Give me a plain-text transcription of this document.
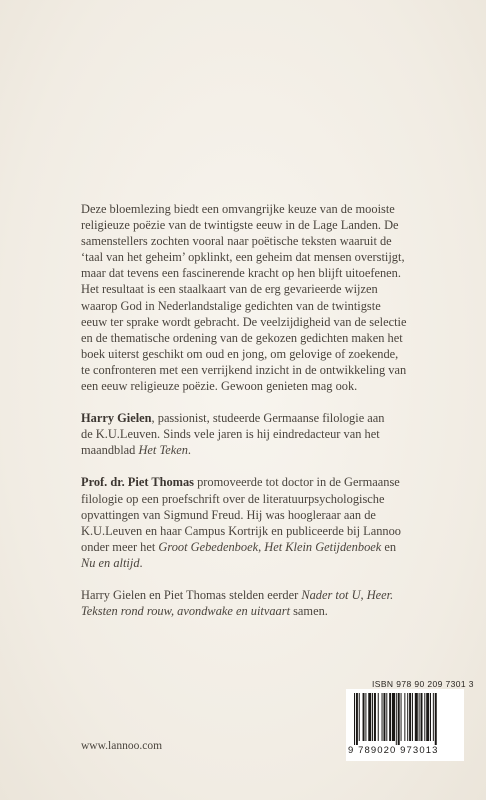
Deze bloemlezing biedt een omvangrijke keuze van de mooiste
religieuze poëzie van de twintigste eeuw in de Lage Landen. De
samenstellers zochten vooral naar poëtische teksten waaruit de
‘taal van het geheim’ opklinkt, een geheim dat mensen overstijgt,
maar dat tevens een fascinerende kracht op hen blijft uitoefenen.
Het resultaat is een staalkaart van de erg gevarieerde wijzen
waarop God in Nederlandstalige gedichten van de twintigste
eeuw ter sprake wordt gebracht. De veelzijdigheid van de selectie
en de thematische ordening van de gekozen gedichten maken het
boek uiterst geschikt om oud en jong, om gelovige of zoekende,
te confronteren met een verrijkend inzicht in de ontwikkeling van
een eeuw religieuze poëzie. Gewoon genieten mag ook.
Harry Gielen, passionist, studeerde Germaanse filologie aan
de K.U.Leuven. Sinds vele jaren is hij eindredacteur van het
maandblad Het Teken.
Prof. dr. Piet Thomas promoveerde tot doctor in de Germaanse
filologie op een proefschrift over de literatuurpsychologische
opvattingen van Sigmund Freud. Hij was hoogleraar aan de
K.U.Leuven en haar Campus Kortrijk en publiceerde bij Lannoo
onder meer het Groot Gebedenboek, Het Klein Getijdenboek en
Nu en altijd.
Harry Gielen en Piet Thomas stelden eerder Nader tot U, Heer.
Teksten rond rouw, avondwake en uitvaart samen.
ISBN 978 90 209 7301 3
9 789020 973013
www.lannoo.com
